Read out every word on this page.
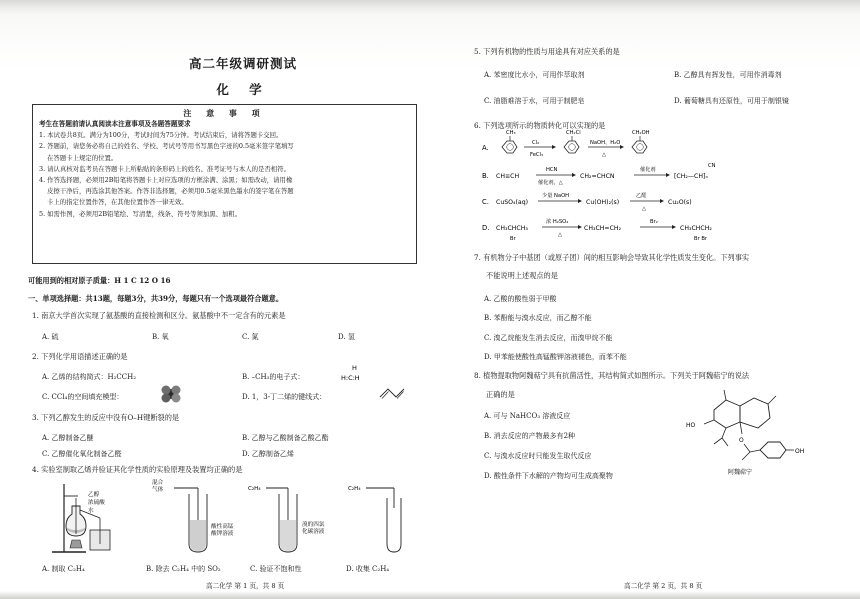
高二年级调研测试
化 学
注 意 事 项
考生在答题前请认真阅读本注意事项及各题答题要求
1. 本试卷共8页。满分为100分，考试时间为75分钟。考试结束后，请将答题卡交回。
2. 答题前，请您务必将自己的姓名、学校、考试号等用书写黑色字迹的0.5毫米签字笔填写
在答题卡上规定的位置。
3. 请认真核对监考员在答题卡上所粘贴的条形码上的姓名、准考证号与本人的是否相符。
4. 作答选择题，必须用2B铅笔将答题卡上对应选项的方框涂满、涂黑；如需改动，请用橡
皮擦干净后，再选涂其他答案。作答非选择题，必须用0.5毫米黑色墨水的签字笔在答题
卡上的指定位置作答，在其他位置作答一律无效。
5. 如需作图，必须用2B铅笔绘、写清楚，线条、符号等须加黑、加粗。
可能用到的相对原子质量：H 1 C 12 O 16
一、单项选择题：共13题，每题3分，共39分，每题只有一个选项最符合题意。
1. 南京大学首次实现了氨基酸的直接检测和区分。氨基酸中不一定含有的元素是
A. 硫	B. 氧	C. 氮	D. 氢
2. 下列化学用语描述正确的是
A. 乙烯的结构简式：H₂CCH₂	B. –CH₃的电子式：
H
H:C:H
C. CCl₄的空间填充模型：	D. 1，3-丁二烯的键线式：
3. 下列乙醇发生的反应中没有O–H键断裂的是
A. 乙醇制备乙醚	B. 乙醇与乙酸制备乙酸乙酯
C. 乙醇催化氧化制备乙醛	D. 乙醇制备乙烯
4. 实验室制取乙烯并验证其化学性质的实验原理及装置均正确的是
乙醇
浓硫酸
水
混合
气体
酸性高锰
酸钾溶液
C₂H₄
溴的四氯
化碳溶液
C₂H₄
A. 制取 C₂H₄	B. 除去 C₂H₄ 中的 SO₂	C. 验证不饱和性	D. 收集 C₂H₄
高二化学 第 1 页，共 8 页
5. 下列有机物的性质与用途具有对应关系的是
A. 苯密度比水小，可用作萃取剂	B. 乙醇具有挥发性，可用作消毒剂
C. 油脂难溶于水，可用于制肥皂	D. 葡萄糖具有还原性，可用于制银镜
6. 下列选项所示的物质转化可以实现的是
A.
CH₃
Cl₂
FeCl₃
CH₂Cl
NaOH、H₂O
△
CH₂OH
B. CH≡CH
HCN
催化剂，△
CH₂=CHCN
催化剂
[CH₂—CH]ₙ
CN
C. CuSO₄(aq)
少量 NaOH
Cu(OH)₂(s)
乙醛
△
Cu₂O(s)
D. CH₃CHCH₃
Br
浓 H₂SO₄
△
CH₃CH=CH₂
Br₂
CH₃CHCH₂
Br Br
7. 有机物分子中基团（或原子团）间的相互影响会导致其化学性质发生变化。下列事实
不能说明上述观点的是
A. 乙酸的酸性弱于甲酸
B. 苯酚能与溴水反应，而乙醇不能
C. 溴乙烷能发生消去反应，而溴甲烷不能
D. 甲苯能使酸性高锰酸钾溶液褪色，而苯不能
8. 植物提取物阿魏萜宁具有抗菌活性，其结构简式如图所示。下列关于阿魏萜宁的说法
正确的是
A. 可与 NaHCO₃ 溶液反应
B. 消去反应的产物最多有2种
C. 与溴水反应时只能发生取代反应
D. 酸性条件下水解的产物均可生成高聚物
HO
O
OH
阿魏萜宁
高二化学 第 2 页，共 8 页
